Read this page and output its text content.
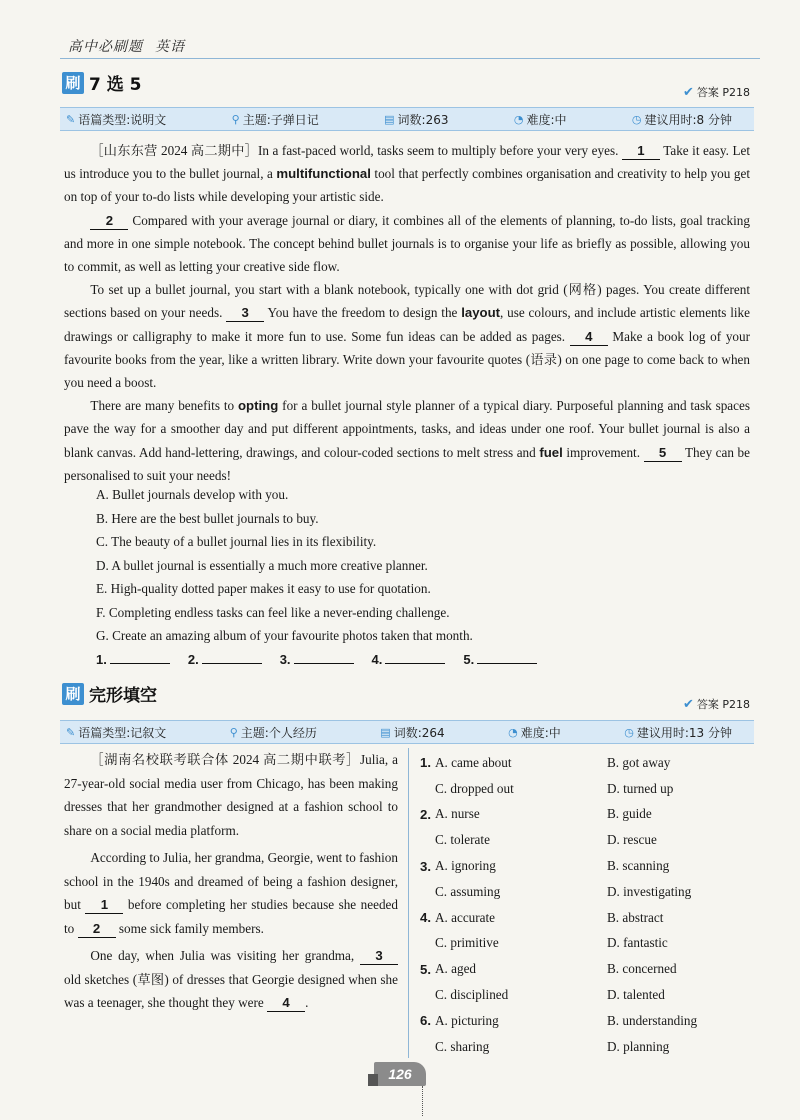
高中必刷题 英语
刷 7 选 5	✔ 答案 P218
✎ 语篇类型:说明文	⚲ 主题:子弹日记	▤ 词数:263	◔ 难度:中	◷ 建议用时:8 分钟

［山东东营 2024 高二期中］In a fast-paced world, tasks seem to multiply before your very eyes. 1 Take it easy. Let us introduce you to the bullet journal, a multifunctional tool that perfectly combines organisation and creativity to help you get on top of your to-do lists while developing your artistic side.

2 Compared with your average journal or diary, it combines all of the elements of planning, to-do lists, goal tracking and more in one simple notebook. The concept behind bullet journals is to organise your life as briefly as possible, allowing you to commit, as well as letting your creative side flow.

To set up a bullet journal, you start with a blank notebook, typically one with dot grid (网格) pages. You create different sections based on your needs. 3 You have the freedom to design the layout, use colours, and include artistic elements like drawings or calligraphy to make it more fun to use. Some fun ideas can be added as pages. 4 Make a book log of your favourite books from the year, like a written library. Write down your favourite quotes (语录) on one page to come back to when you need a boost.

There are many benefits to opting for a bullet journal style planner of a typical diary. Purposeful planning and task spaces pave the way for a smoother day and put different appointments, tasks, and ideas under one roof. Your bullet journal is also a blank canvas. Add hand-lettering, drawings, and colour-coded sections to melt stress and fuel improvement. 5 They can be personalised to suit your needs!

A. Bullet journals develop with you.
B. Here are the best bullet journals to buy.
C. The beauty of a bullet journal lies in its flexibility.
D. A bullet journal is essentially a much more creative planner.
E. High-quality dotted paper makes it easy to use for quotation.
F. Completing endless tasks can feel like a never-ending challenge.
G. Create an amazing album of your favourite photos taken that month.
1.	2.	3.	4.	5.
刷 完形填空	✔ 答案 P218
✎ 语篇类型:记叙文	⚲ 主题:个人经历	▤ 词数:264	◔ 难度:中	◷ 建议用时:13 分钟

［湖南名校联考联合体 2024 高二期中联考］Julia, a 27-year-old social media user from Chicago, has been making dresses that her grandmother designed at a fashion school to share on a social media platform.

According to Julia, her grandma, Georgie, went to fashion school in the 1940s and dreamed of being a fashion designer, but 1 before completing her studies because she needed to 2 some sick family members.

One day, when Julia was visiting her grandma, 3 old sketches (草图) of dresses that Georgie designed when she was a teenager, she thought they were 4 .

1. A. came about	B. got away
C. dropped out	D. turned up
2. A. nurse	B. guide
C. tolerate	D. rescue
3. A. ignoring	B. scanning
C. assuming	D. investigating
4. A. accurate	B. abstract
C. primitive	D. fantastic
5. A. aged	B. concerned
C. disciplined	D. talented
6. A. picturing	B. understanding
C. sharing	D. planning
126
